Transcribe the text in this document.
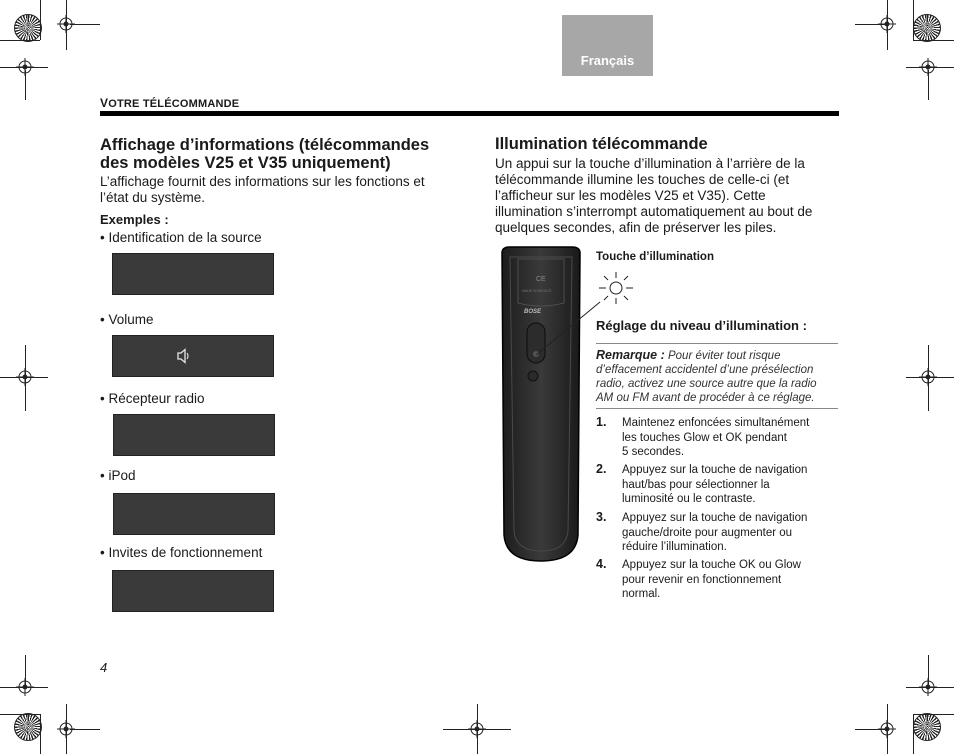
Français
VOTRE TÉLÉCOMMANDE
Affichage d’informations (télécommandes
des modèles V25 et V35 uniquement)
L’affichage fournit des informations sur les fonctions et
l’état du système.
Exemples :
• Identification de la source
• Volume
• Récepteur radio
• iPod
• Invites de fonctionnement
Illumination télécommande
Un appui sur la touche d’illumination à l’arrière de la
télécommande illumine les touches de celle-ci (et
l’afficheur sur les modèles V25 et V35). Cette
illumination s’interrompt automatiquement au bout de
quelques secondes, afin de préserver les piles.
CE
MADE IN MEXICO
BOSE
Touche d’illumination
Réglage du niveau d’illumination :
Remarque : Pour éviter tout risque
d’effacement accidentel d’une présélection
radio, activez une source autre que la radio
AM ou FM avant de procéder à ce réglage.
1. Maintenez enfoncées simultanément
les touches Glow et OK pendant
5 secondes.
2. Appuyez sur la touche de navigation
haut/bas pour sélectionner la
luminosité ou le contraste.
3. Appuyez sur la touche de navigation
gauche/droite pour augmenter ou
réduire l’illumination.
4. Appuyez sur la touche OK ou Glow
pour revenir en fonctionnement
normal.
4
